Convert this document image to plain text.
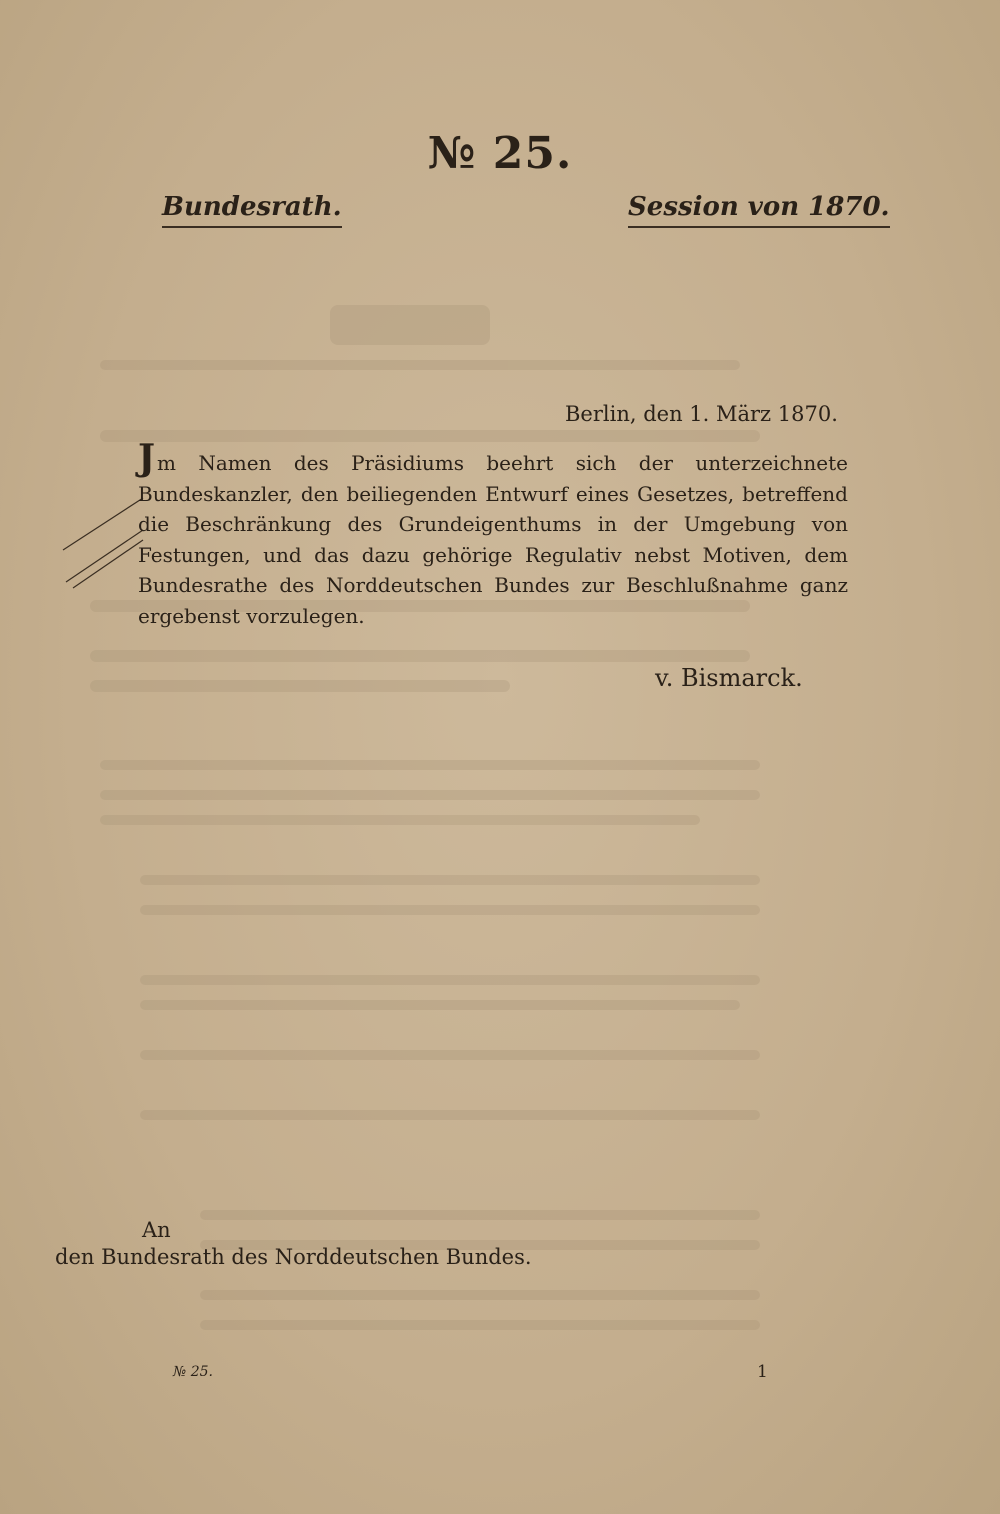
№ 25.
Bundesrath.	Session von 1870.
Berlin, den 1. März 1870.
Jm Namen des Präsidiums beehrt sich der unterzeichnete Bundeskanzler, den beiliegenden Entwurf eines Gesetzes, betreffend die Beschränkung des Grundeigenthums in der Umgebung von Festungen, und das dazu gehörige Regulativ nebst Motiven, dem Bundesrathe des Norddeutschen Bundes zur Beschlußnahme ganz ergebenst vorzulegen.
v. Bismarck.
An
den Bundesrath des Norddeutschen Bundes.
№ 25.	1
